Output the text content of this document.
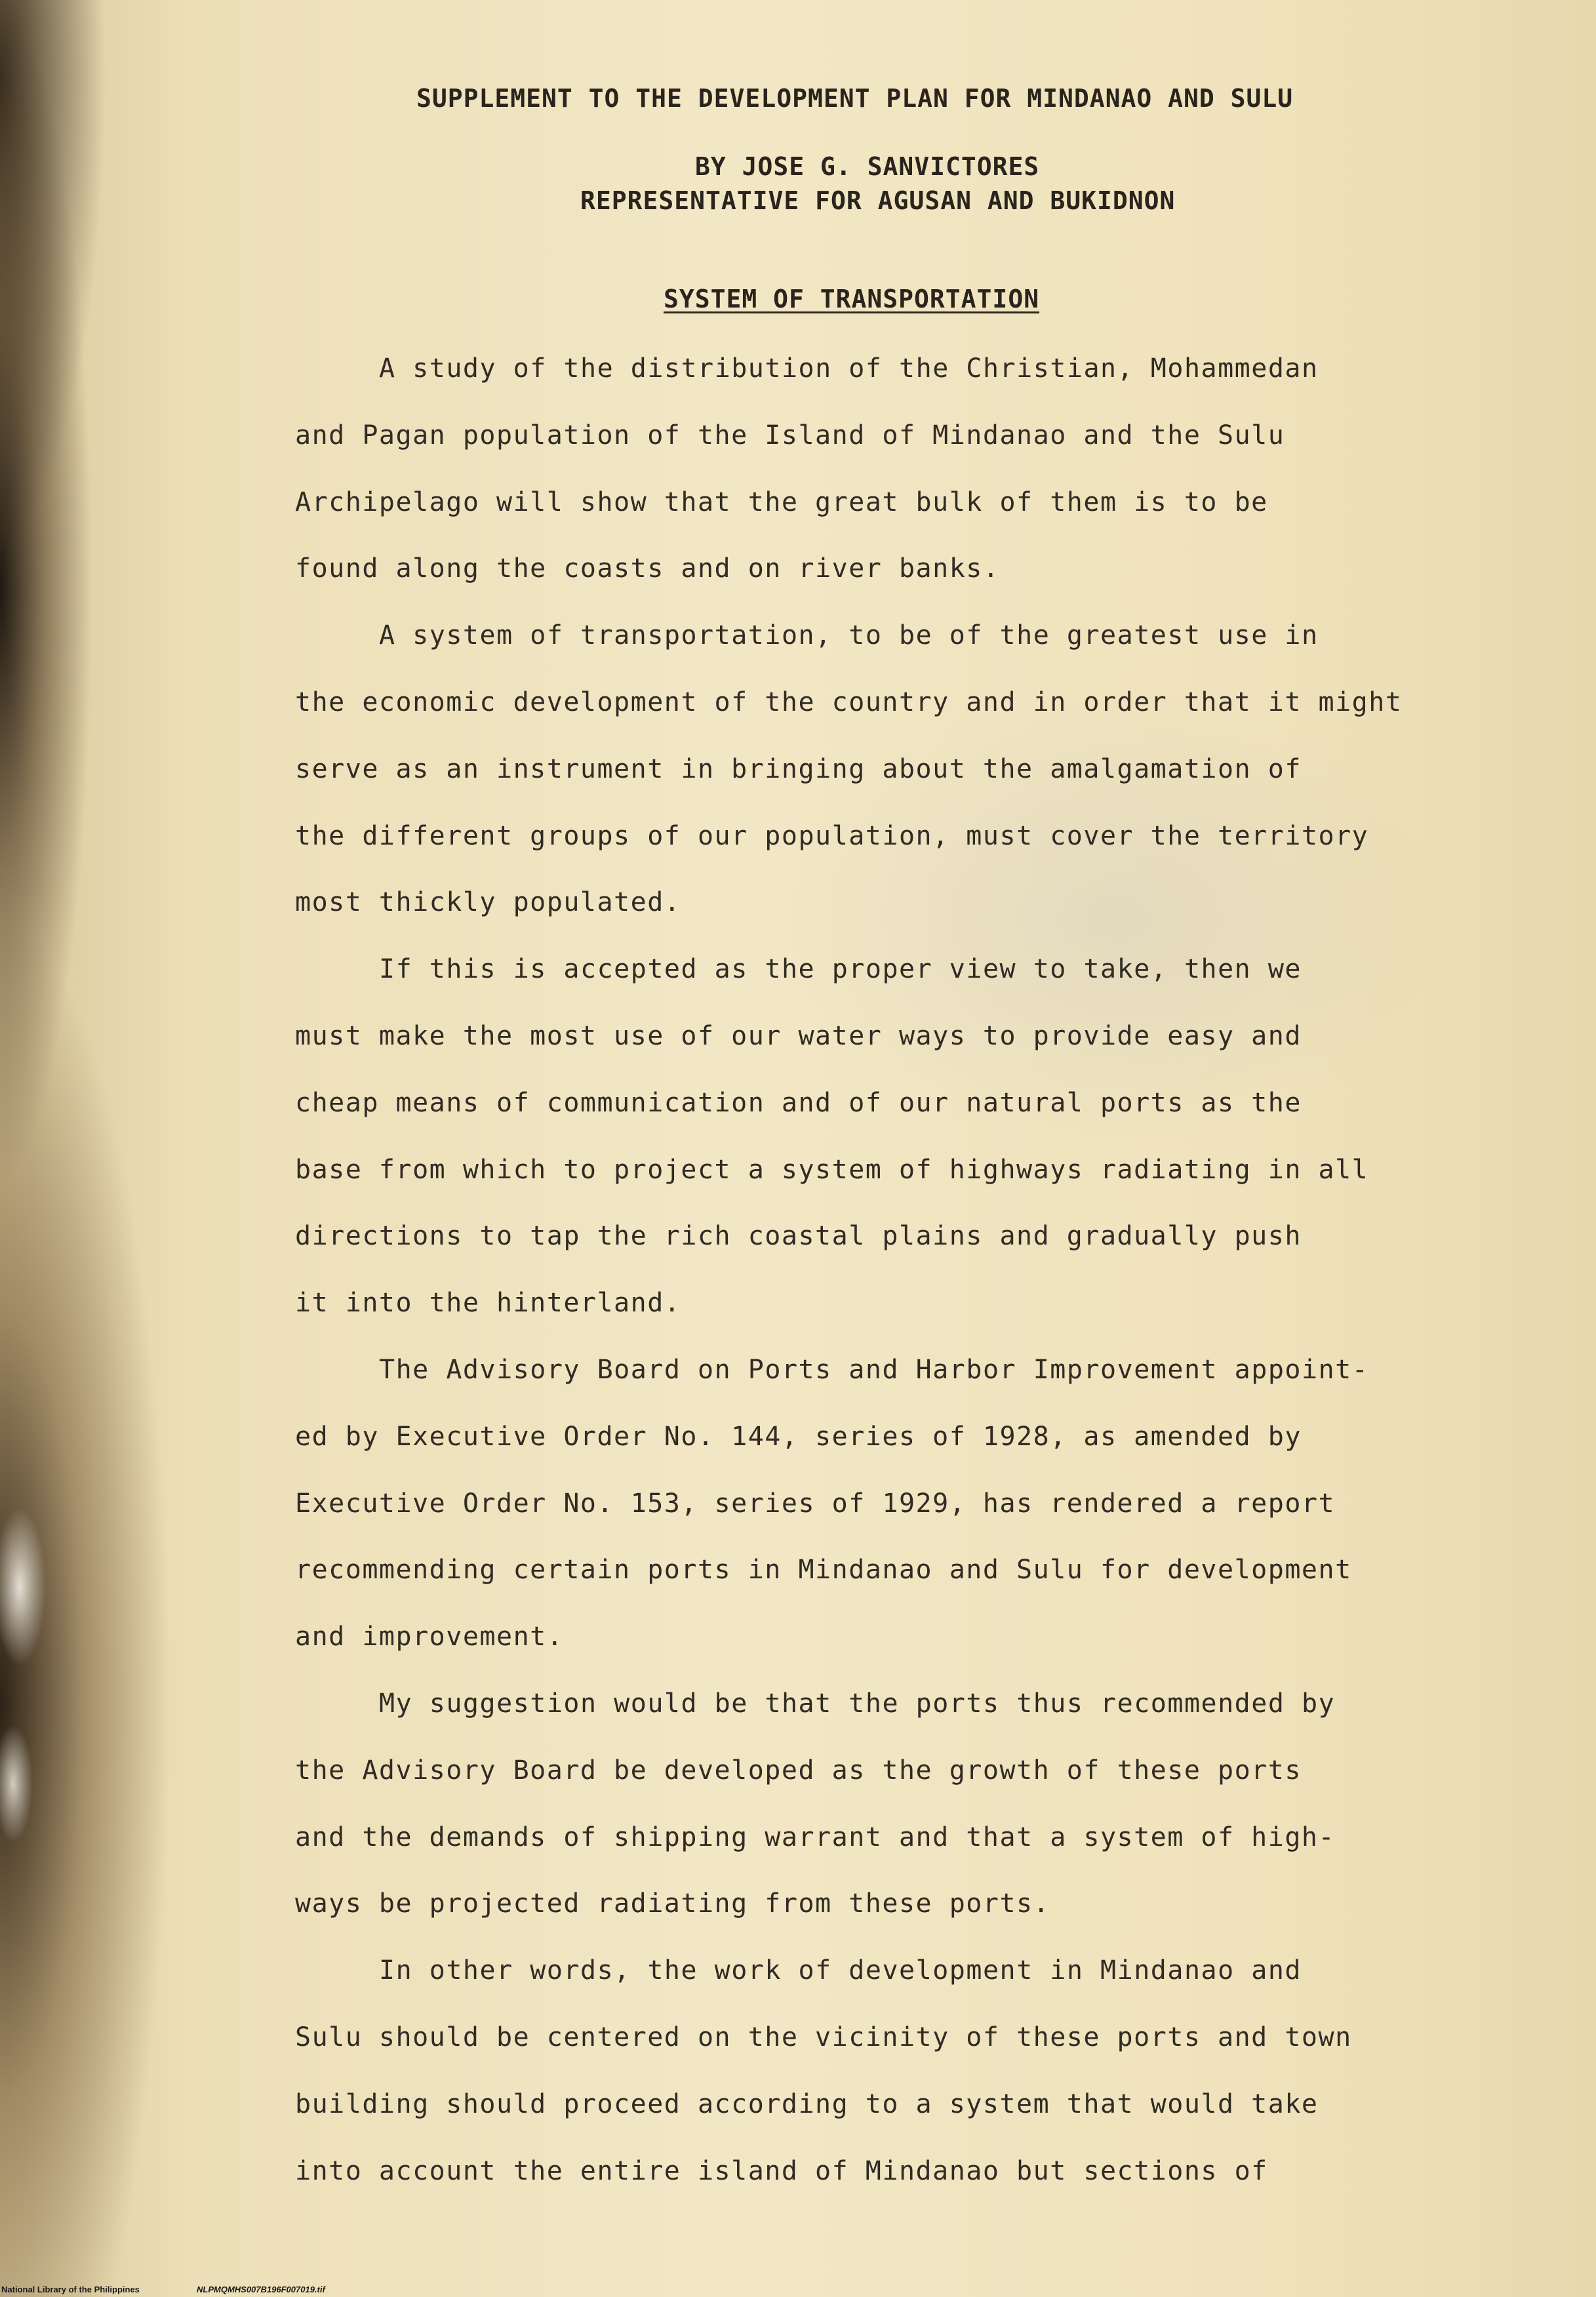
SUPPLEMENT TO THE DEVELOPMENT PLAN FOR MINDANAO AND SULU
BY JOSE G. SANVICTORES
REPRESENTATIVE FOR AGUSAN AND BUKIDNON
SYSTEM OF TRANSPORTATION
A study of the distribution of the Christian, Mohammedan
and Pagan population of the Island of Mindanao and the Sulu
Archipelago will show that the great bulk of them is to be
found along the coasts and on river banks.
A system of transportation, to be of the greatest use in
the economic development of the country and in order that it might
serve as an instrument in bringing about the amalgamation of
the different groups of our population, must cover the territory
most thickly populated.
If this is accepted as the proper view to take, then we
must make the most use of our water ways to provide easy and
cheap means of communication and of our natural ports as the
base from which to project a system of highways radiating in all
directions to tap the rich coastal plains and gradually push
it into the hinterland.
The Advisory Board on Ports and Harbor Improvement appoint-
ed by Executive Order No. 144, series of 1928, as amended by
Executive Order No. 153, series of 1929, has rendered a report
recommending certain ports in Mindanao and Sulu for development
and improvement.
My suggestion would be that the ports thus recommended by
the Advisory Board be developed as the growth of these ports
and the demands of shipping warrant and that a system of high-
ways be projected radiating from these ports.
In other words, the work of development in Mindanao and
Sulu should be centered on the vicinity of these ports and town
building should proceed according to a system that would take
into account the entire island of Mindanao but sections of
National Library of the Philippines	NLPMQMHS007B196F007019.tif
